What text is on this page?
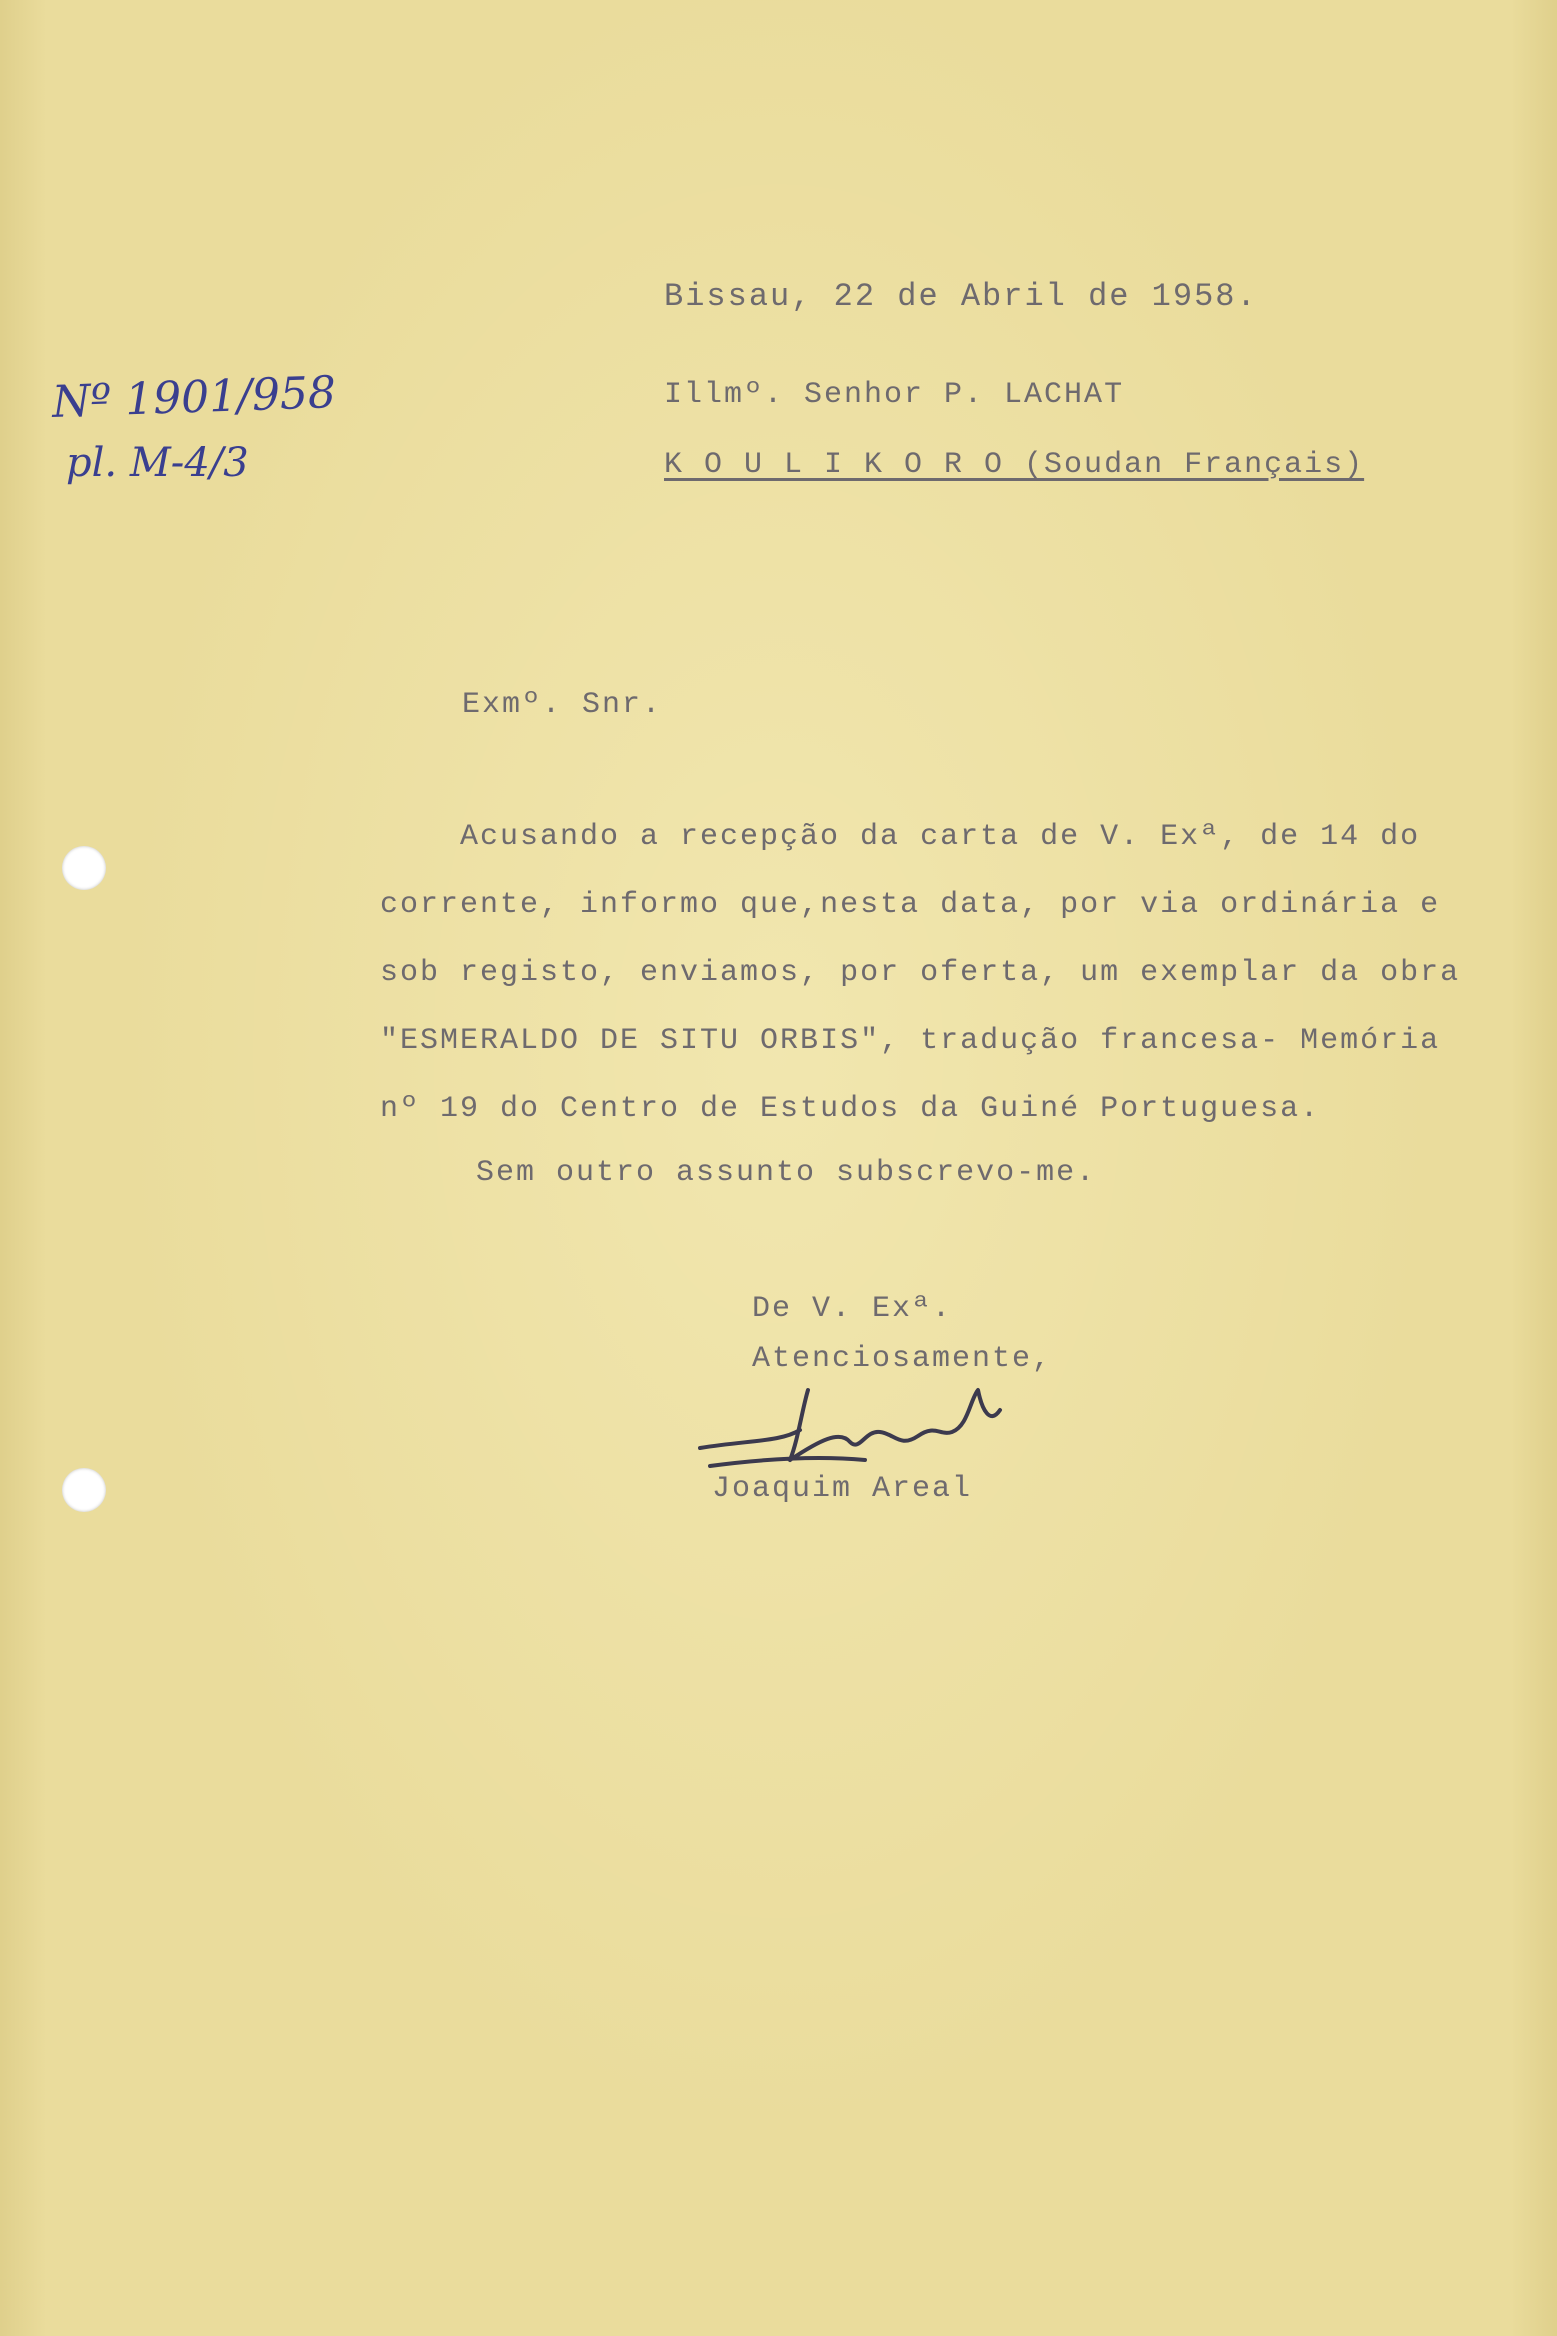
Nº 1901/958
pl. M-4/3

Bissau, 22 de Abril de 1958.

Illmº. Senhor P. LACHAT

K O U L I K O R O (Soudan Français)

Exmº. Snr.

Acusando a recepção da carta de V. Exª, de 14 do

corrente, informo que,nesta data, por via ordinária e

sob registo, enviamos, por oferta, um exemplar da obra

"ESMERALDO DE SITU ORBIS", tradução francesa- Memória

nº 19 do Centro de Estudos da Guiné Portuguesa.

Sem outro assunto subscrevo-me.

De V. Exª.

Atenciosamente,

Joaquim Areal
